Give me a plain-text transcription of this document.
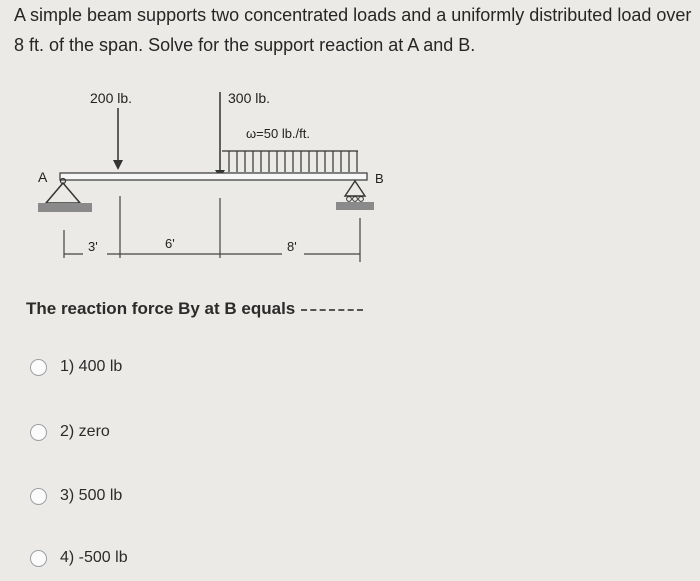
A simple beam supports two concentrated loads and a uniformly distributed load over 8 ft. of the span. Solve for the support reaction at A and B.

200 lb.	300 lb.
ω=50 lb./ft.
A	B
3'	6'	8'
The reaction force By at B equals
1) 400 lb
2) zero
3) 500 lb
4) -500 lb
